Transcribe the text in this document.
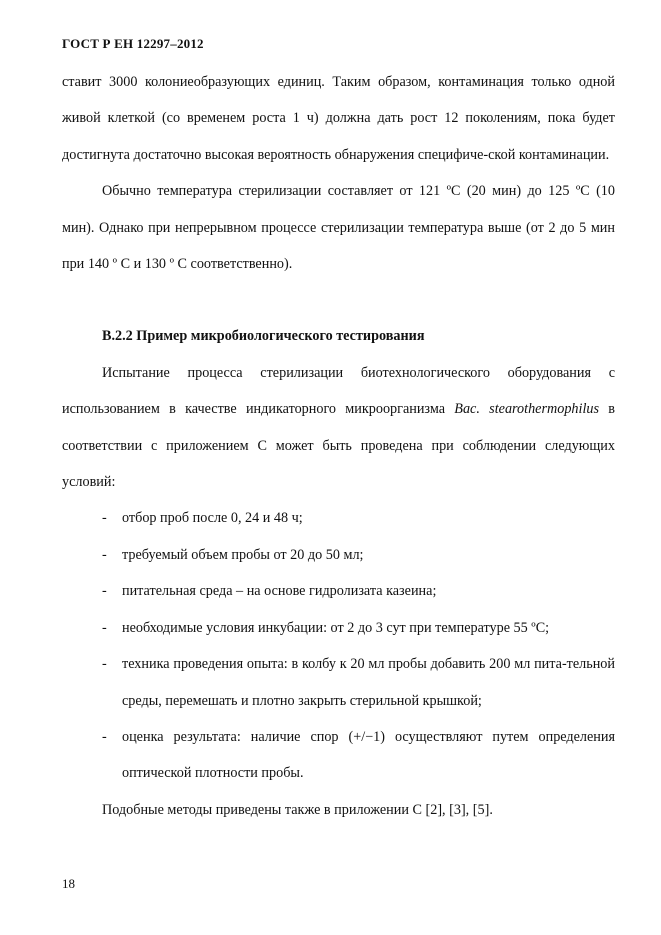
ГОСТ Р ЕН 12297–2012

ставит 3000 колониеобразующих единиц. Таким образом, контаминация только одной живой клеткой (со временем роста 1 ч) должна дать рост 12 поколениям, пока будет достигнута достаточно высокая вероятность обнаружения специфиче-ской контаминации.

Обычно температура стерилизации составляет от 121 ºС (20 мин) до 125 ºС (10 мин). Однако при непрерывном процессе стерилизации температура выше (от 2 до 5 мин при 140 º С и 130 º С соответственно).

В.2.2 Пример микробиологического тестирования

Испытание процесса стерилизации биотехнологического оборудования с использованием в качестве индикаторного микроорганизма Bac. stearothermophilus в соответствии с приложением С может быть проведена при соблюдении следующих условий:

- отбор проб после 0, 24 и 48 ч;
- требуемый объем пробы от 20 до 50 мл;
- питательная среда – на основе гидролизата казеина;
- необходимые условия инкубации: от 2 до 3 сут при температуре 55 ºС;
- техника проведения опыта: в колбу к 20 мл пробы добавить 200 мл пита-тельной среды, перемешать и плотно закрыть стерильной крышкой;
- оценка результата: наличие спор (+/−1) осуществляют путем определения оптической плотности пробы.

Подобные методы приведены также в приложении С [2], [3], [5].

18
